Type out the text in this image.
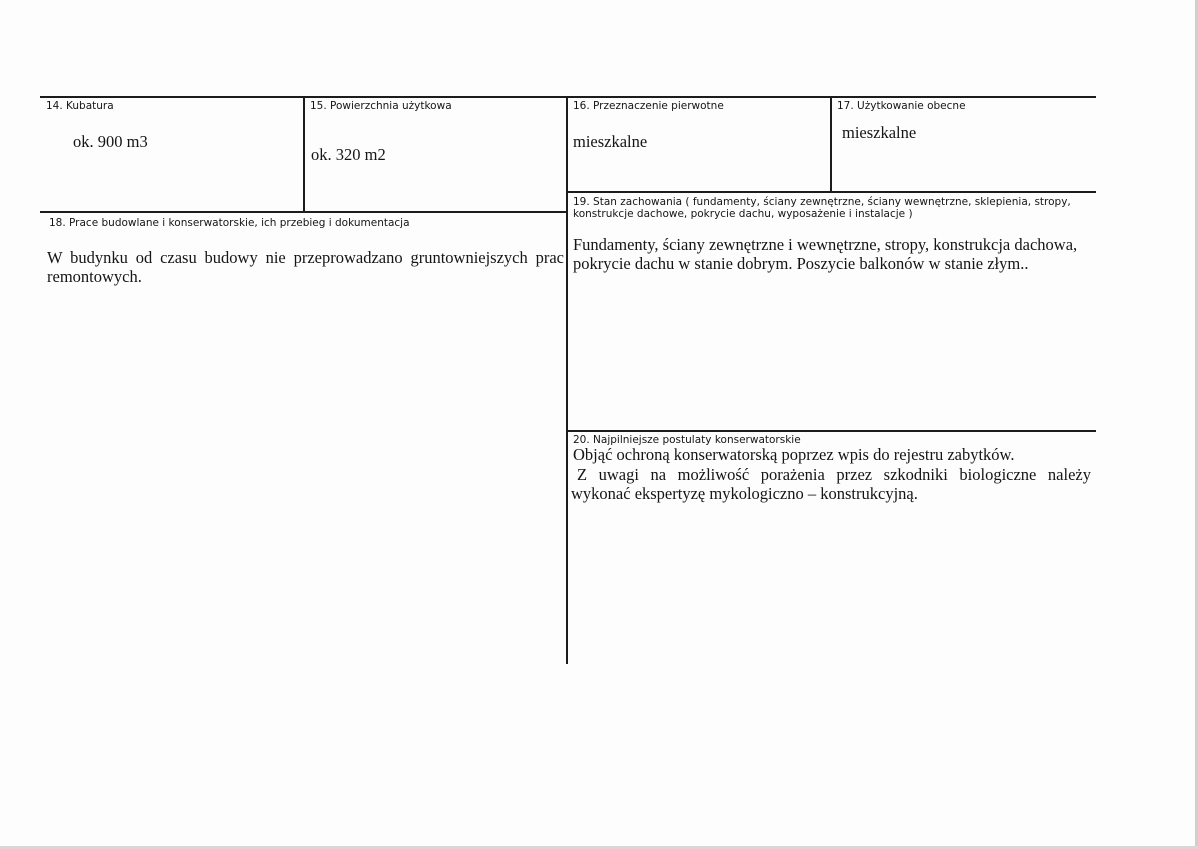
14. Kubatura
ok. 900 m3
15. Powierzchnia użytkowa
ok. 320 m2
16. Przeznaczenie pierwotne
mieszkalne
17. Użytkowanie obecne
mieszkalne
18. Prace budowlane i konserwatorskie, ich przebieg i dokumentacja
W budynku od czasu budowy nie przeprowadzano gruntowniejszych prac remontowych.
19. Stan zachowania ( fundamenty, ściany zewnętrzne, ściany wewnętrzne, sklepienia, stropy, konstrukcje dachowe, pokrycie dachu, wyposażenie i instalacje )
Fundamenty, ściany zewnętrzne i wewnętrzne, stropy, konstrukcja dachowa, pokrycie dachu w stanie dobrym. Poszycie balkonów w stanie złym..
20. Najpilniejsze postulaty konserwatorskie
Objąć ochroną konserwatorską poprzez wpis do rejestru zabytków.
Z uwagi na możliwość porażenia przez szkodniki biologiczne należy wykonać ekspertyzę mykologiczno – konstrukcyjną.
